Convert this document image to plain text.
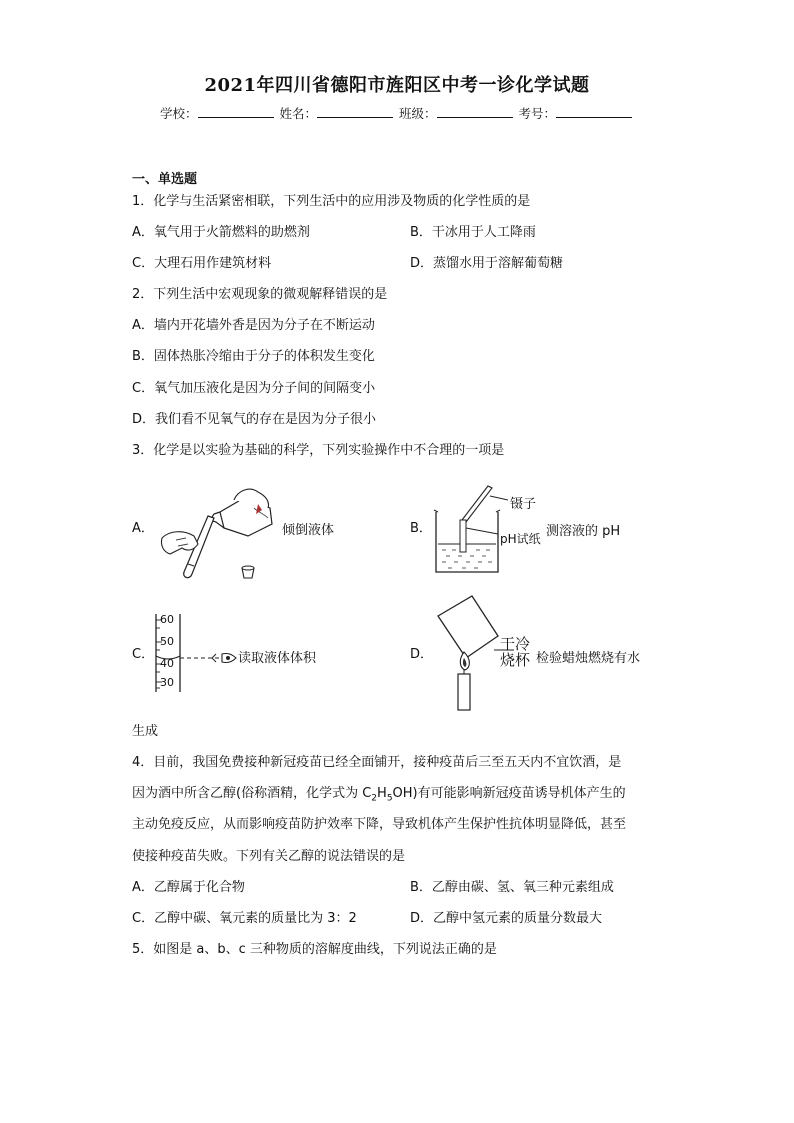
2021年四川省德阳市旌阳区中考一诊化学试题
学校：	姓名：	班级：	考号：
一、单选题
1．化学与生活紧密相联，下列生活中的应用涉及物质的化学性质的是
A．氧气用于火箭燃料的助燃剂	B．干冰用于人工降雨
C．大理石用作建筑材料	D．蒸馏水用于溶解葡萄糖
2．下列生活中宏观现象的微观解释错误的是
A．墙内开花墙外香是因为分子在不断运动
B．固体热胀冷缩由于分子的体积发生变化
C．氧气加压液化是因为分子间的间隔变小
D．我们看不见氧气的存在是因为分子很小
3．化学是以实验为基础的科学，下列实验操作中不合理的一项是
A．	倾倒液体	B．
镊子
pH试纸 测溶液的 pH
C．
60
50
40
30
读取液体体积	D．
干冷
烧杯 检验蜡烛燃烧有水
生成
4．目前，我国免费接种新冠疫苗已经全面铺开，接种疫苗后三至五天内不宜饮酒，是
因为酒中所含乙醇(俗称酒精，化学式为 $C_2H_5OH$)有可能影响新冠疫苗诱导机体产生的
主动免疫反应，从而影响疫苗防护效率下降，导致机体产生保护性抗体明显降低，甚至
使接种疫苗失败。下列有关乙醇的说法错误的是
A．乙醇属于化合物	B．乙醇由碳、氢、氧三种元素组成
C．乙醇中碳、氧元素的质量比为 3：2	D．乙醇中氢元素的质量分数最大
5．如图是 a、b、c 三种物质的溶解度曲线，下列说法正确的是
